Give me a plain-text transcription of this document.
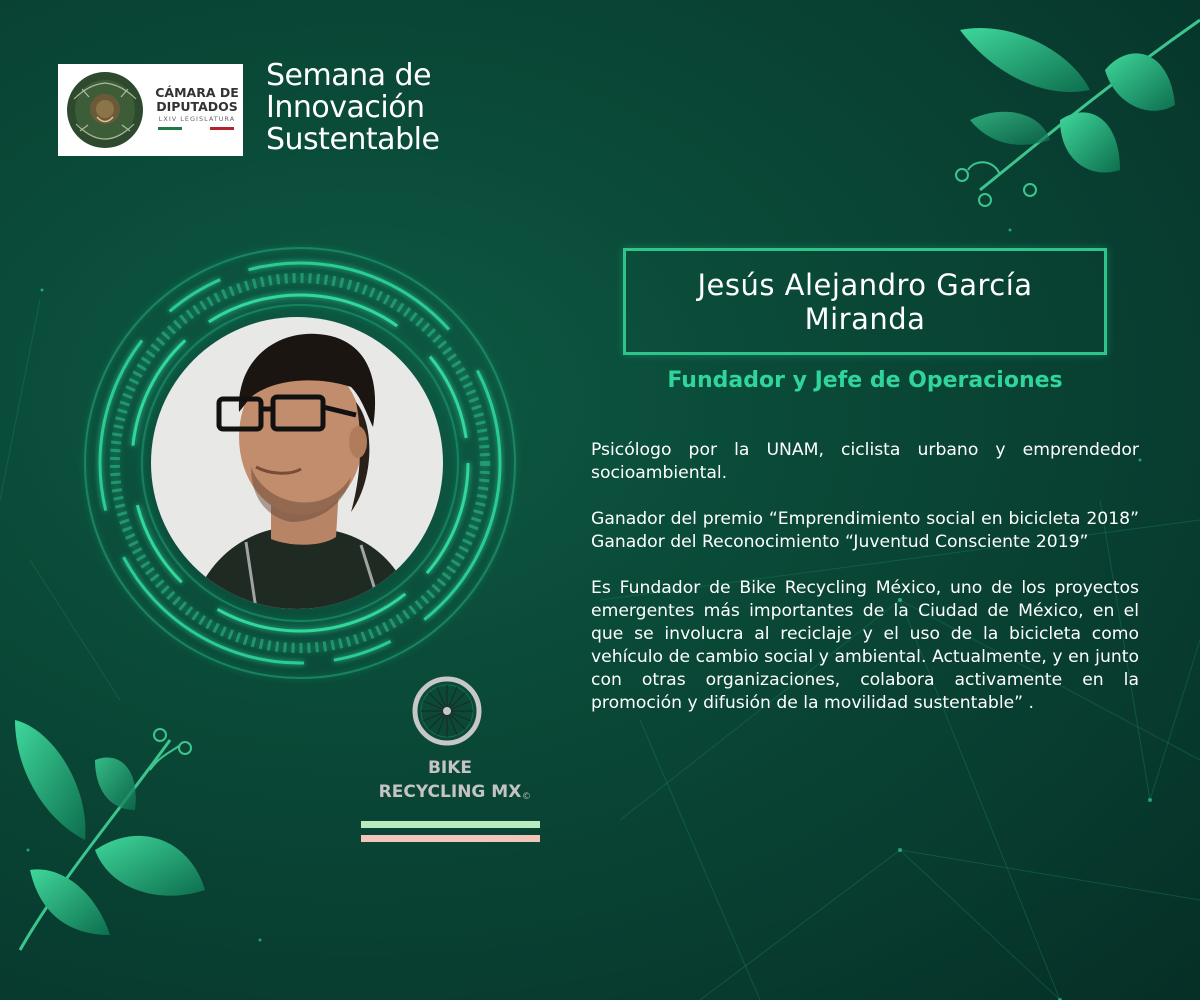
CÁMARA DE
DIPUTADOS
LXIV LEGISLATURA
Semana de
Innovación
Sustentable
Jesús Alejandro García Miranda
Fundador y Jefe de Operaciones

Psicólogo por la UNAM, ciclista urbano y emprendedor socioambiental.

Ganador del premio “Emprendimiento social en bicicleta 2018” Ganador del Reconocimiento “Juventud Consciente 2019”

Es Fundador de Bike Recycling México, uno de los proyectos emergentes más importantes de la Ciudad de México, en el que se involucra al reciclaje y el uso de la bicicleta como vehículo de cambio social y ambiental. Actualmente, y en junto con otras organizaciones, colabora activamente en la promoción y difusión de la movilidad sustentable” .

BIKE
RECYCLING MX ©
